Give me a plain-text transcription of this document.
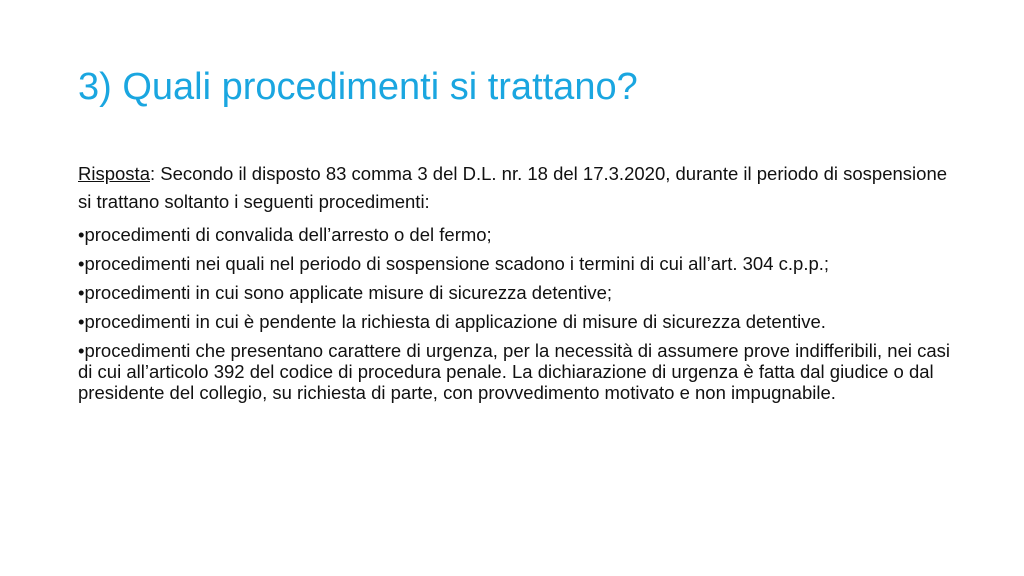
3) Quali procedimenti si trattano?

Risposta: Secondo il disposto 83 comma 3 del D.L. nr. 18 del 17.3.2020, durante il periodo di sospensione si trattano soltanto i seguenti procedimenti:

•procedimenti di convalida dell’arresto o del fermo;
•procedimenti nei quali nel periodo di sospensione scadono i termini di cui all’art. 304 c.p.p.;
•procedimenti in cui sono applicate misure di sicurezza detentive;
•procedimenti in cui è pendente la richiesta di applicazione di misure di sicurezza detentive.
•procedimenti che presentano carattere di urgenza, per la necessità di assumere prove indifferibili, nei casi di cui all’articolo 392 del codice di procedura penale. La dichiarazione di urgenza è fatta dal giudice o dal presidente del collegio, su richiesta di parte, con provvedimento motivato e non impugnabile.
